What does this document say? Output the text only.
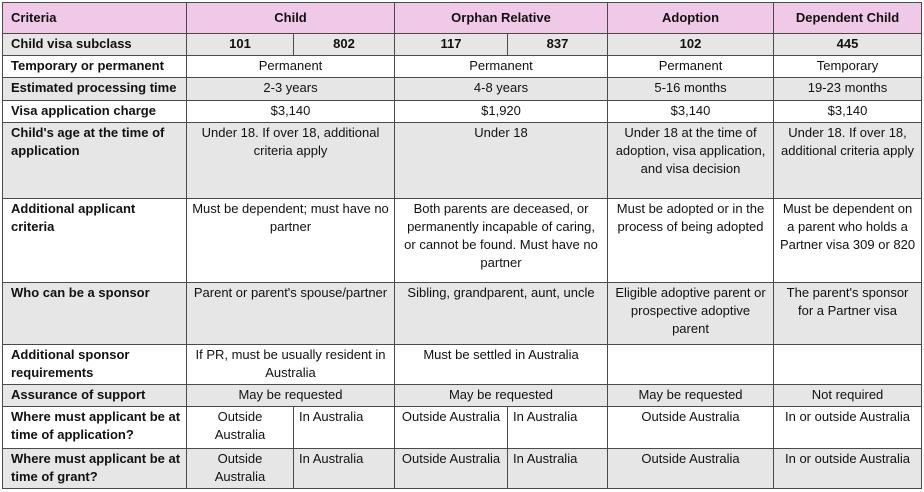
Criteria	Child		Orphan Relative		Adoption	Dependent Child
Child visa subclass	101	802	117	837	102	445
Temporary or permanent	Permanent		Permanent		Permanent	Temporary
Estimated processing time	2-3 years		4-8 years		5-16 months	19-23 months
Visa application charge	$3,140		$1,920		$3,140	$3,140
Child's age at the time of application	Under 18. If over 18, additional criteria apply		Under 18		Under 18 at the time of adoption, visa application, and visa decision	Under 18. If over 18, additional criteria apply
Additional applicant criteria	Must be dependent; must have no partner		Both parents are deceased, or permanently incapable of caring, or cannot be found. Must have no partner		Must be adopted or in the process of being adopted	Must be dependent on a parent who holds a Partner visa 309 or 820
Who can be a sponsor	Parent or parent's spouse/partner		Sibling, grandparent, aunt, uncle		Eligible adoptive parent or prospective adoptive parent	The parent's sponsor for a Partner visa
Additional sponsor requirements	If PR, must be usually resident in Australia		Must be settled in Australia			
Assurance of support	May be requested		May be requested		May be requested	Not required
Where must applicant be at time of application?	Outside Australia	In Australia	Outside Australia	In Australia	Outside Australia	In or outside Australia
Where must applicant be at time of grant?	Outside Australia	In Australia	Outside Australia	In Australia	Outside Australia	In or outside Australia
